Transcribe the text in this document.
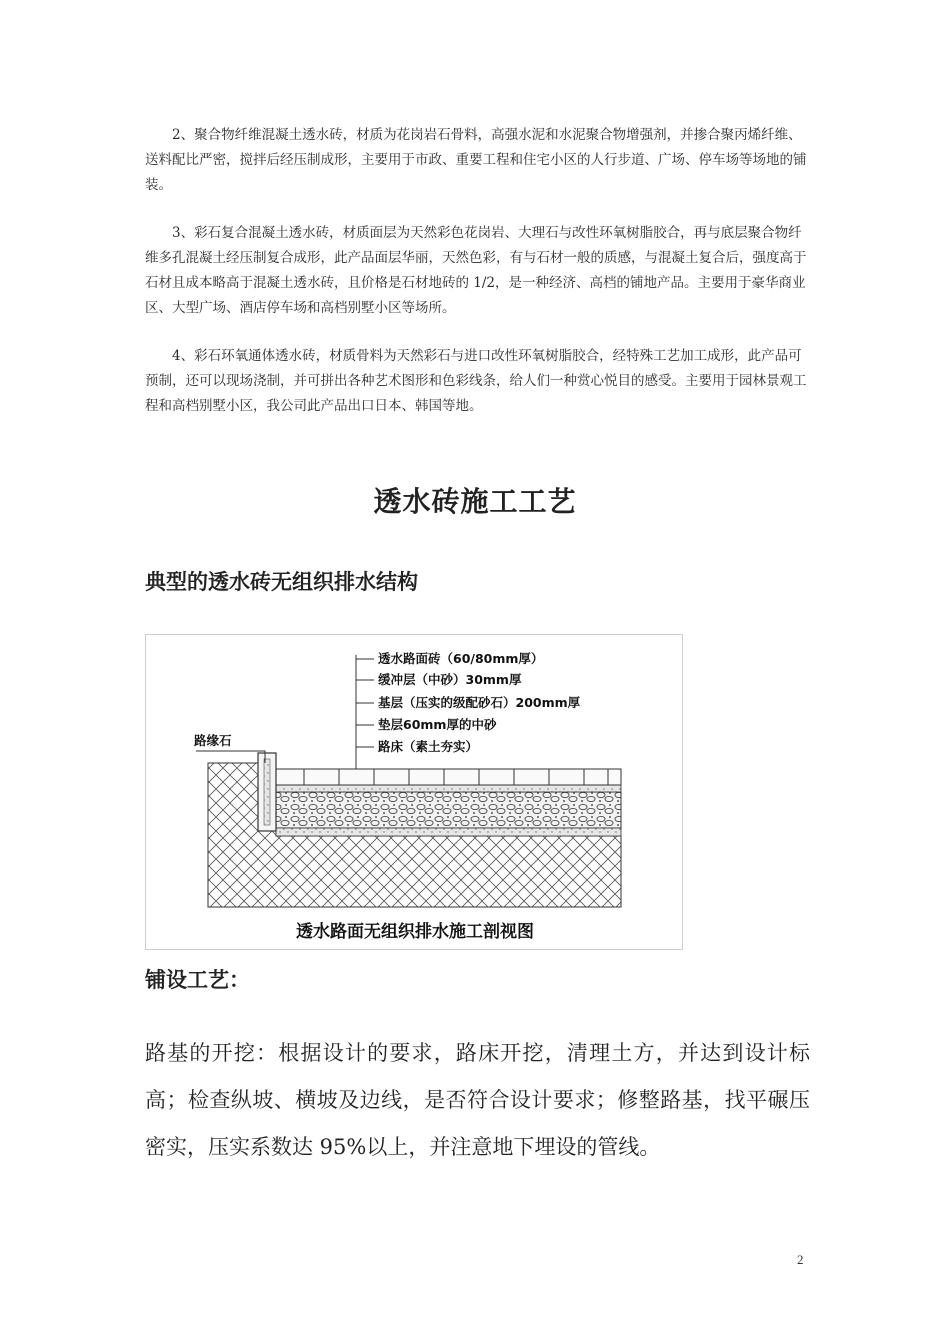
2、聚合物纤维混凝土透水砖，材质为花岗岩石骨料，高强水泥和水泥聚合物增强剂，并掺合聚丙烯纤维、送料配比严密，搅拌后经压制成形，主要用于市政、重要工程和住宅小区的人行步道、广场、停车场等场地的铺装。

3、彩石复合混凝土透水砖，材质面层为天然彩色花岗岩、大理石与改性环氧树脂胶合，再与底层聚合物纤维多孔混凝土经压制复合成形，此产品面层华丽，天然色彩，有与石材一般的质感，与混凝土复合后，强度高于石材且成本略高于混凝土透水砖，且价格是石材地砖的 1/2，是一种经济、高档的铺地产品。主要用于豪华商业区、大型广场、酒店停车场和高档别墅小区等场所。

4、彩石环氧通体透水砖，材质骨料为天然彩石与进口改性环氧树脂胶合，经特殊工艺加工成形，此产品可预制，还可以现场浇制，并可拼出各种艺术图形和色彩线条，给人们一种赏心悦目的感受。主要用于园林景观工程和高档别墅小区，我公司此产品出口日本、韩国等地。

透水砖施工工艺
典型的透水砖无组织排水结构
透水路面砖（60/80mm厚）
缓冲层（中砂）30mm厚
基层（压实的级配砂石）200mm厚
垫层60mm厚的中砂
路床（素土夯实）
路缘石
透水路面无组织排水施工剖视图
铺设工艺：

路基的开挖：根据设计的要求，路床开挖，清理土方，并达到设计标高；检查纵坡、横坡及边线，是否符合设计要求；修整路基，找平碾压密实，压实系数达 95%以上，并注意地下埋设的管线。

2
